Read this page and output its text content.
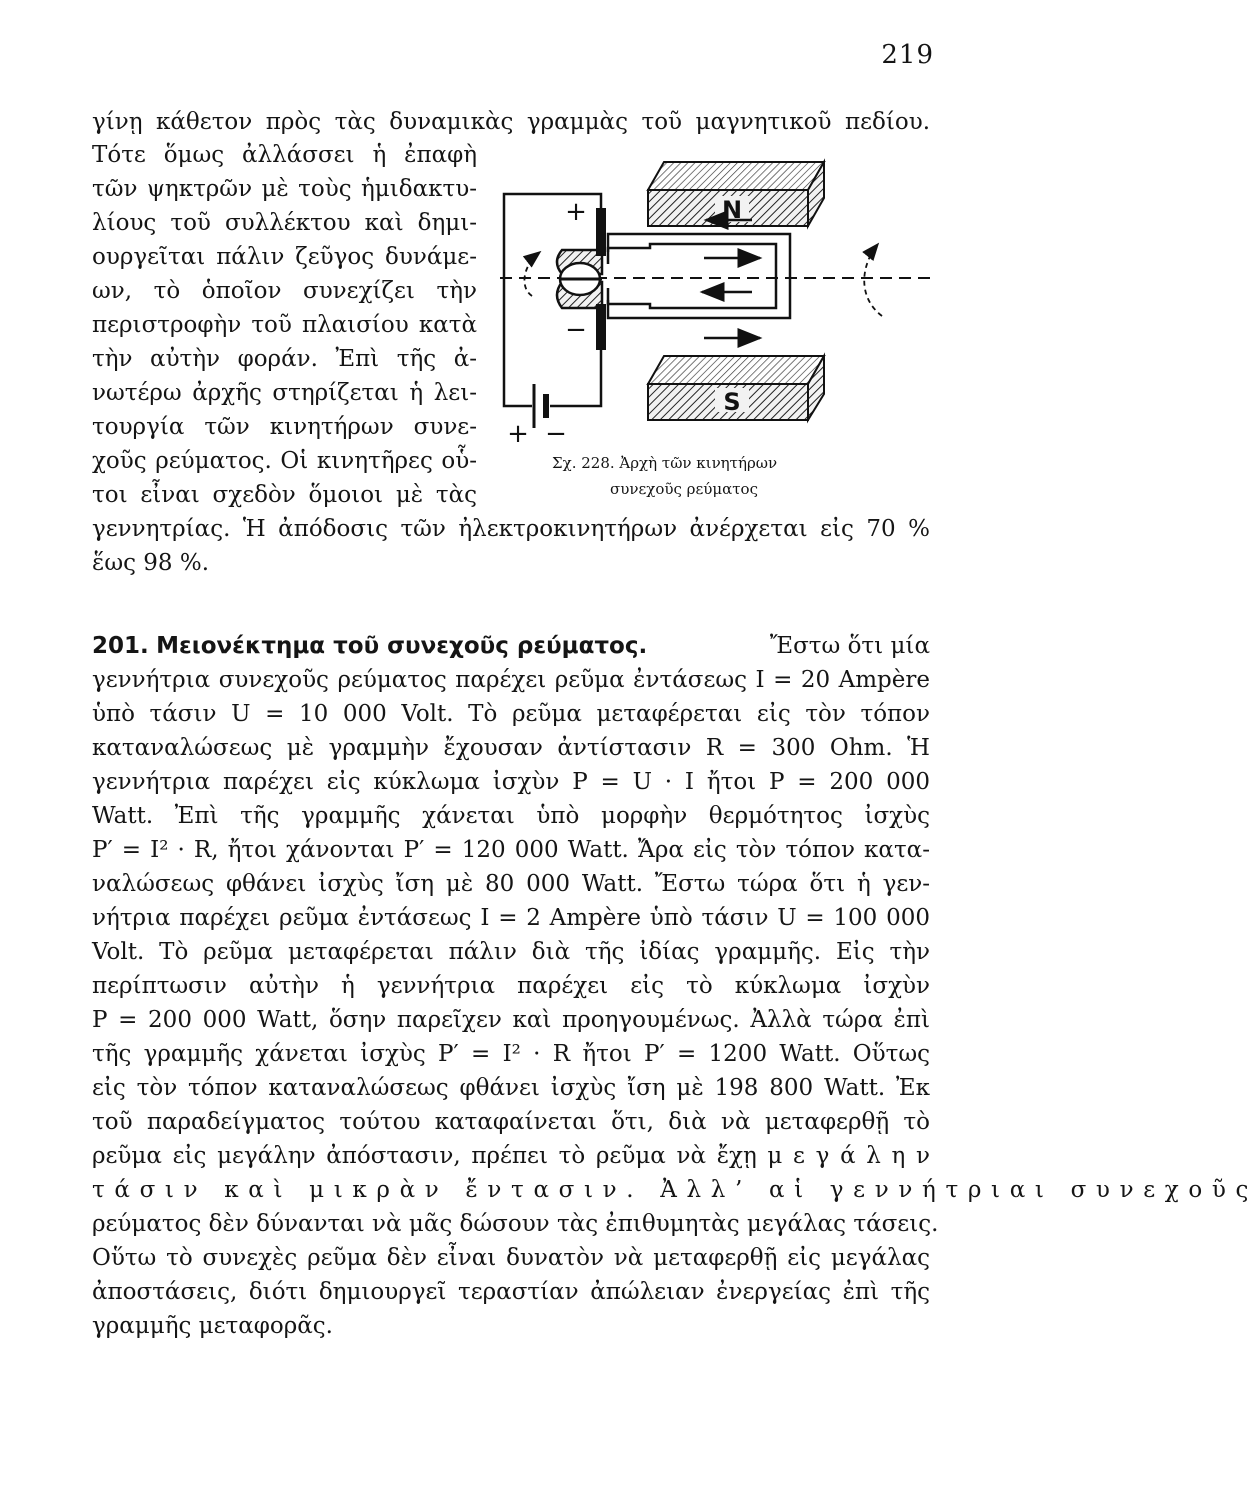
219
γίνῃ κάθετον πρὸς τὰς δυναμικὰς γραμμὰς τοῦ μαγνητικοῦ πεδίου.
Τότε ὅμως ἀλλάσσει ἡ ἐπαφὴ
τῶν ψηκτρῶν μὲ τοὺς ἡμιδακτυ-
λίους τοῦ συλλέκτου καὶ δημι-
ουργεῖται πάλιν ζεῦγος δυνάμε-
ων, τὸ ὁποῖον συνεχίζει τὴν
περιστροφὴν τοῦ πλαισίου κατὰ
τὴν αὐτὴν φοράν. Ἐπὶ τῆς ἀ-
νωτέρω ἀρχῆς στηρίζεται ἡ λει-
τουργία τῶν κινητήρων συνε-
χοῦς ρεύματος. Οἱ κινητῆρες οὗ-
τοι εἶναι σχεδὸν ὅμοιοι μὲ τὰς
γεννητρίας. Ἡ ἀπόδοσις τῶν ἠλεκτροκινητήρων ἀνέρχεται εἰς 70 %
ἕως 98 %.
N
S
+
−
+ −
Σχ. 228. Ἀρχὴ τῶν κινητήρων
συνεχοῦς ρεύματος
201. Μειονέκτημα τοῦ συνεχοῦς ρεύματος.	Ἔστω ὅτι μία
γεννήτρια συνεχοῦς ρεύματος παρέχει ρεῦμα ἐντάσεως I = 20 Ampère
ὑπὸ τάσιν U = 10 000 Volt. Τὸ ρεῦμα μεταφέρεται εἰς τὸν τόπον
καταναλώσεως μὲ γραμμὴν ἔχουσαν ἀντίστασιν R = 300 Ohm. Ἡ
γεννήτρια παρέχει εἰς κύκλωμα ἰσχὺν P = U · I ἤτοι P = 200 000
Watt. Ἐπὶ τῆς γραμμῆς χάνεται ὑπὸ μορφὴν θερμότητος ἰσχὺς
P′ = I² · R, ἤτοι χάνονται P′ = 120 000 Watt. Ἄρα εἰς τὸν τόπον κατα-
ναλώσεως φθάνει ἰσχὺς ἴση μὲ 80 000 Watt. Ἔστω τώρα ὅτι ἡ γεν-
νήτρια παρέχει ρεῦμα ἐντάσεως I = 2 Ampère ὑπὸ τάσιν U = 100 000
Volt. Τὸ ρεῦμα μεταφέρεται πάλιν διὰ τῆς ἰδίας γραμμῆς. Εἰς τὴν
περίπτωσιν αὐτὴν ἡ γεννήτρια παρέχει εἰς τὸ κύκλωμα ἰσχὺν
P = 200 000 Watt, ὅσην παρεῖχεν καὶ προηγουμένως. Ἀλλὰ τώρα ἐπὶ
τῆς γραμμῆς χάνεται ἰσχὺς P′ = I² · R ἤτοι P′ = 1200 Watt. Οὕτως
εἰς τὸν τόπον καταναλώσεως φθάνει ἰσχὺς ἴση μὲ 198 800 Watt. Ἐκ
τοῦ παραδείγματος τούτου καταφαίνεται ὅτι, διὰ νὰ μεταφερθῇ τὸ
ρεῦμα εἰς μεγάλην ἀπόστασιν, πρέπει τὸ ρεῦμα νὰ ἔχῃ μ ε γ ά λ η ν
τάσιν καὶ μικρὰν ἔντασιν. Ἀλλ’ αἱ γεννήτριαι συνεχοῦς
ρεύματος δὲν δύνανται νὰ μᾶς δώσουν τὰς ἐπιθυμητὰς μεγάλας τάσεις.
Οὕτω τὸ συνεχὲς ρεῦμα δὲν εἶναι δυνατὸν νὰ μεταφερθῇ εἰς μεγάλας
ἀποστάσεις, διότι δημιουργεῖ τεραστίαν ἀπώλειαν ἐνεργείας ἐπὶ τῆς
γραμμῆς μεταφορᾶς.
